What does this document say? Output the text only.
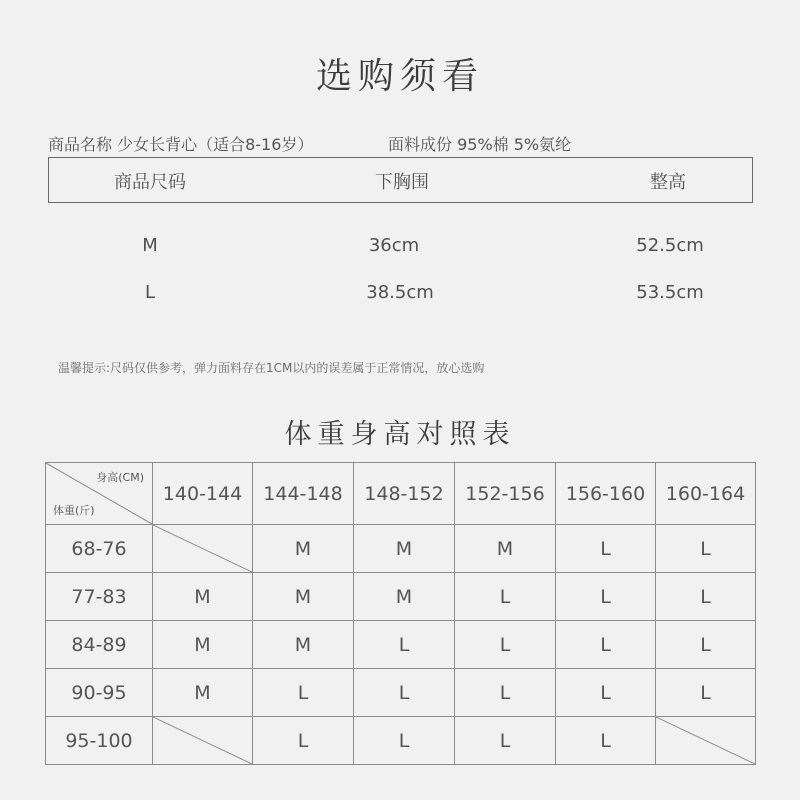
选购须看
商品名称 少女长背心（适合8-16岁）	面料成份 95%棉 5%氨纶
商品尺码	下胸围	整高
M	36cm	52.5cm
L	38.5cm	53.5cm
温馨提示:尺码仅供参考，弹力面料存在1CM以内的误差属于正常情况，放心选购
体重身高对照表
身高(CM)
体重(斤)	140-144	144-148	148-152	152-156	156-160	160-164
68-76		M	M	M	L	L
77-83	M	M	M	L	L	L
84-89	M	M	L	L	L	L
90-95	M	L	L	L	L	L
95-100		L	L	L	L	
